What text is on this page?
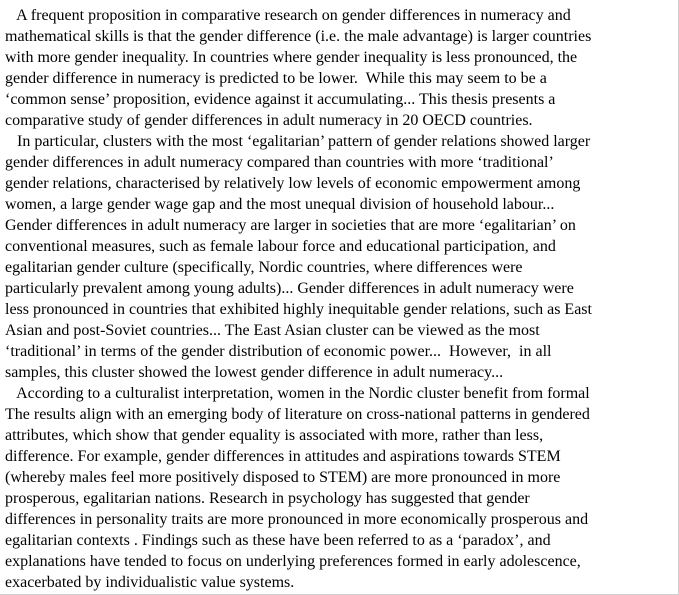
A frequent proposition in comparative research on gender differences in numeracy and
mathematical skills is that the gender difference (i.e. the male advantage) is larger countries
with more gender inequality. In countries where gender inequality is less pronounced, the
gender difference in numeracy is predicted to be lower.  While this may seem to be a
‘common sense’ proposition, evidence against it accumulating... This thesis presents a
comparative study of gender differences in adult numeracy in 20 OECD countries.
In particular, clusters with the most ‘egalitarian’ pattern of gender relations showed larger
gender differences in adult numeracy compared than countries with more ‘traditional’
gender relations, characterised by relatively low levels of economic empowerment among
women, a large gender wage gap and the most unequal division of household labour...
Gender differences in adult numeracy are larger in societies that are more ‘egalitarian’ on
conventional measures, such as female labour force and educational participation, and
egalitarian gender culture (specifically, Nordic countries, where differences were
particularly prevalent among young adults)... Gender differences in adult numeracy were
less pronounced in countries that exhibited highly inequitable gender relations, such as East
Asian and post-Soviet countries... The East Asian cluster can be viewed as the most
‘traditional’ in terms of the gender distribution of economic power...  However,  in all
samples, this cluster showed the lowest gender difference in adult numeracy...
According to a culturalist interpretation, women in the Nordic cluster benefit from formal
The results align with an emerging body of literature on cross-national patterns in gendered
attributes, which show that gender equality is associated with more, rather than less,
difference. For example, gender differences in attitudes and aspirations towards STEM
(whereby males feel more positively disposed to STEM) are more pronounced in more
prosperous, egalitarian nations. Research in psychology has suggested that gender
differences in personality traits are more pronounced in more economically prosperous and
egalitarian contexts . Findings such as these have been referred to as a ‘paradox’, and
explanations have tended to focus on underlying preferences formed in early adolescence,
exacerbated by individualistic value systems.
